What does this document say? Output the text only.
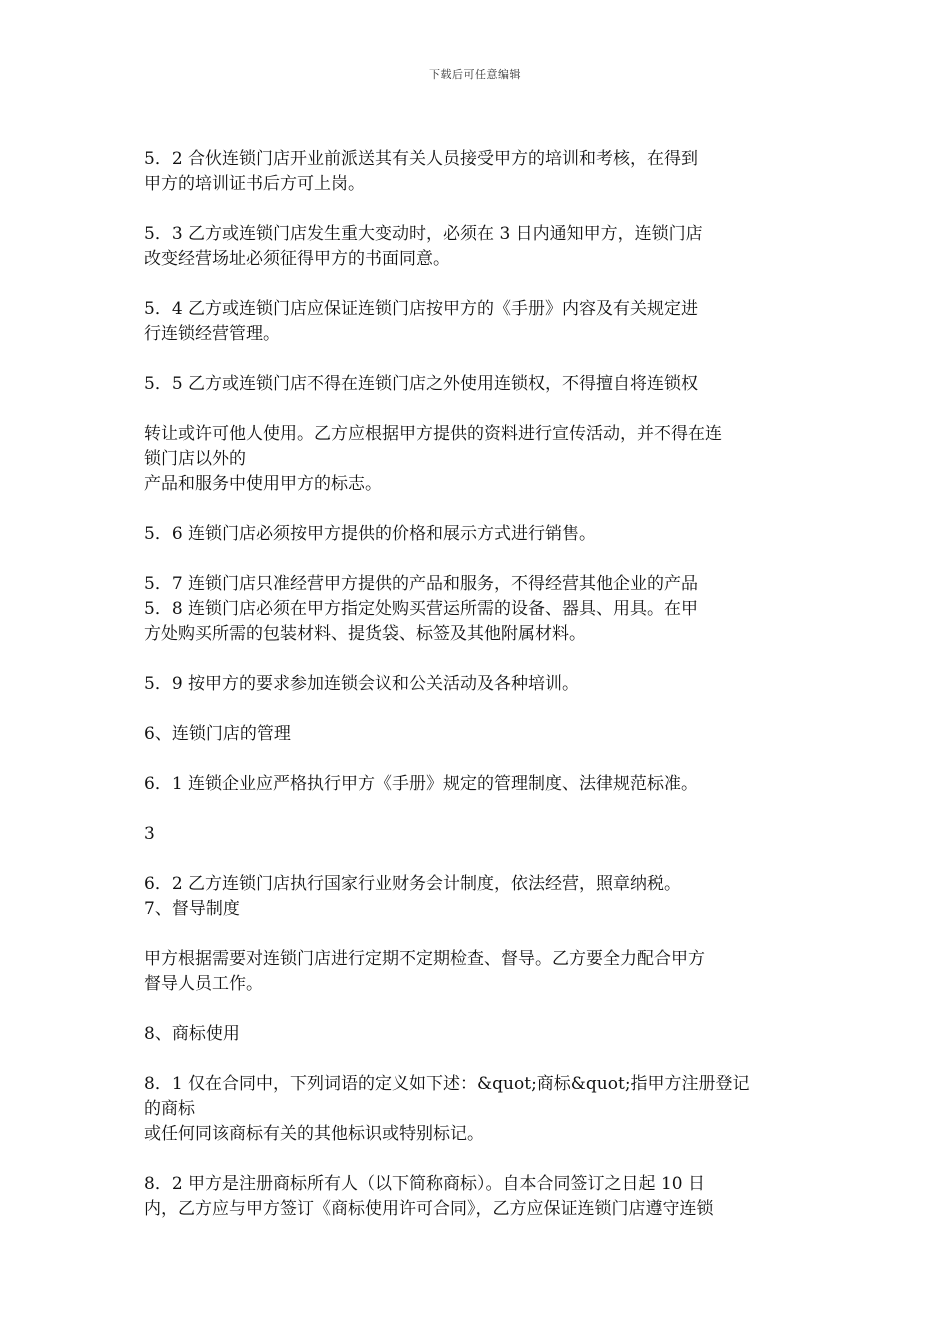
下载后可任意编辑

5．2 合伙连锁门店开业前派送其有关人员接受甲方的培训和考核，在得到
甲方的培训证书后方可上岗。

5．3 乙方或连锁门店发生重大变动时，必须在 3 日内通知甲方，连锁门店
改变经营场址必须征得甲方的书面同意。

5．4 乙方或连锁门店应保证连锁门店按甲方的《手册》内容及有关规定进
行连锁经营管理。

5．5 乙方或连锁门店不得在连锁门店之外使用连锁权，不得擅自将连锁权

转让或许可他人使用。乙方应根据甲方提供的资料进行宣传活动，并不得在连
锁门店以外的
产品和服务中使用甲方的标志。

5．6 连锁门店必须按甲方提供的价格和展示方式进行销售。

5．7 连锁门店只准经营甲方提供的产品和服务，不得经营其他企业的产品
5．8 连锁门店必须在甲方指定处购买营运所需的设备、器具、用具。在甲
方处购买所需的包装材料、提货袋、标签及其他附属材料。

5．9 按甲方的要求参加连锁会议和公关活动及各种培训。

6、连锁门店的管理

6．1 连锁企业应严格执行甲方《手册》规定的管理制度、法律规范标准。

3

6．2 乙方连锁门店执行国家行业财务会计制度，依法经营，照章纳税。
7、督导制度

甲方根据需要对连锁门店进行定期不定期检查、督导。乙方要全力配合甲方
督导人员工作。

8、商标使用

8．1 仅在合同中，下列词语的定义如下述：&quot;商标&quot;指甲方注册登记
的商标
或任何同该商标有关的其他标识或特别标记。

8．2 甲方是注册商标所有人（以下简称商标）。自本合同签订之日起 10 日
内，乙方应与甲方签订《商标使用许可合同》，乙方应保证连锁门店遵守连锁
